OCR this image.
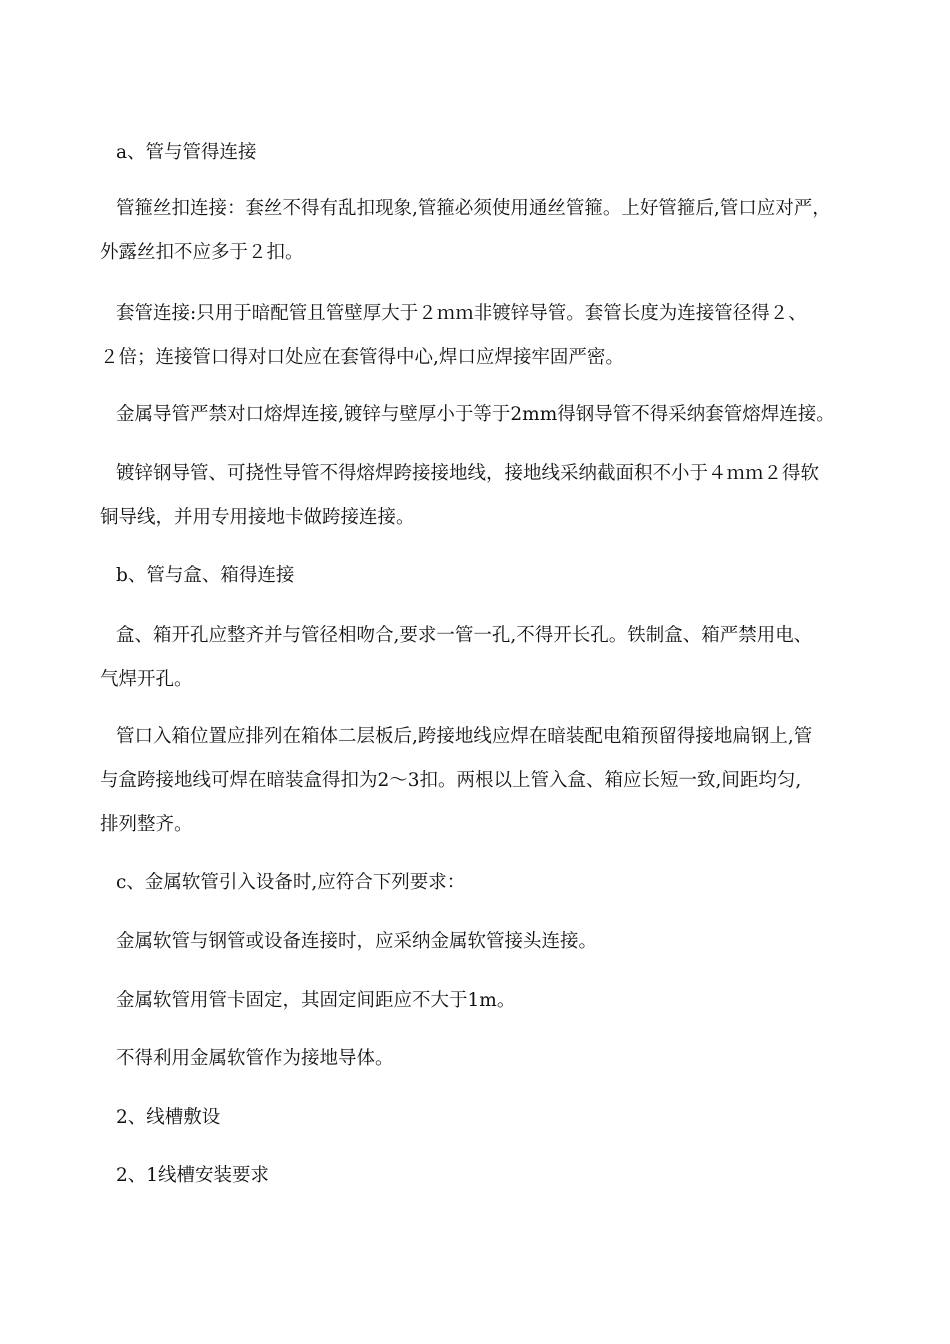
a、管与管得连接

管箍丝扣连接：套丝不得有乱扣现象,管箍必须使用通丝管箍。上好管箍后,管口应对严，
外露丝扣不应多于２扣。

套管连接:只用于暗配管且管壁厚大于２ｍｍ非镀锌导管。套管长度为连接管径得２、
２倍；连接管口得对口处应在套管得中心,焊口应焊接牢固严密。

金属导管严禁对口熔焊连接,镀锌与壁厚小于等于2mm得钢导管不得采纳套管熔焊连接。

镀锌钢导管、可挠性导管不得熔焊跨接接地线，接地线采纳截面积不小于４ｍｍ２得软
铜导线，并用专用接地卡做跨接连接。

b、管与盒、箱得连接

盒、箱开孔应整齐并与管径相吻合,要求一管一孔,不得开长孔。铁制盒、箱严禁用电、
气焊开孔。

管口入箱位置应排列在箱体二层板后,跨接地线应焊在暗装配电箱预留得接地扁钢上,管
与盒跨接地线可焊在暗装盒得扣为2～3扣。两根以上管入盒、箱应长短一致,间距均匀,
排列整齐。

c、金属软管引入设备时,应符合下列要求：

金属软管与钢管或设备连接时，应采纳金属软管接头连接。

金属软管用管卡固定，其固定间距应不大于1m。

不得利用金属软管作为接地导体。

2、线槽敷设

2、1线槽安装要求
